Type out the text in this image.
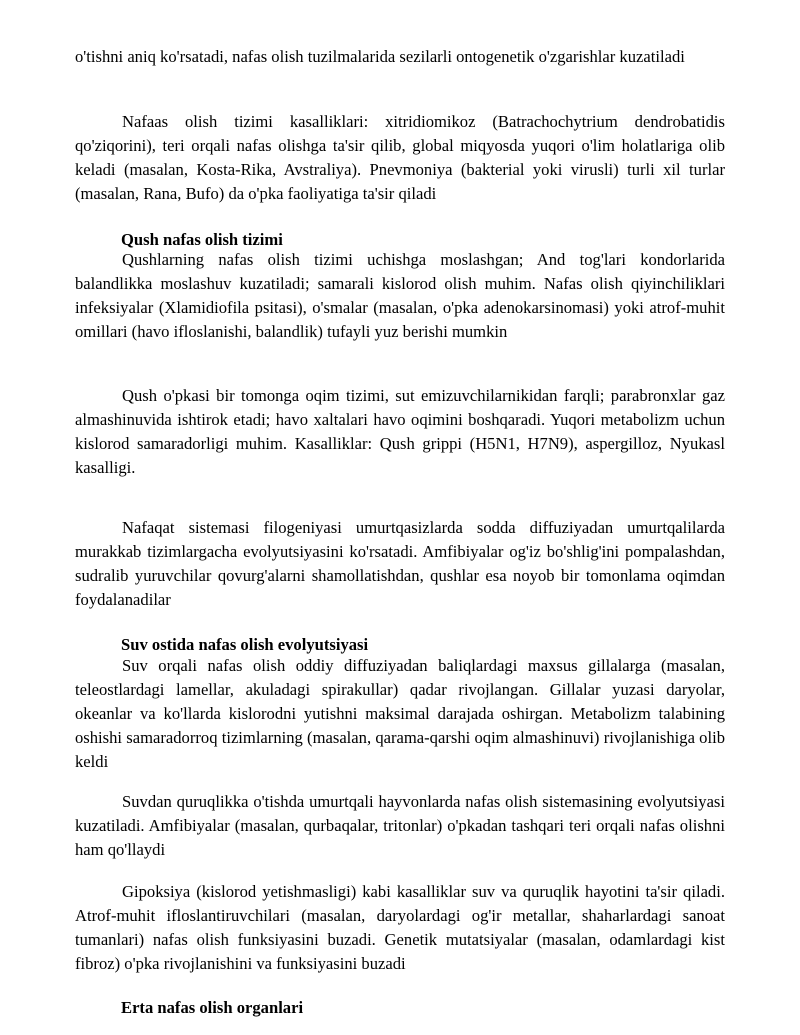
o'tishni aniq ko'rsatadi, nafas olish tuzilmalarida sezilarli ontogenetik o'zgarishlar kuzatiladi

Nafaas olish tizimi kasalliklari: xitridiomikoz (Batrachochytrium dendrobatidis qo'ziqorini), teri orqali nafas olishga ta'sir qilib, global miqyosda yuqori o'lim holatlariga olib keladi (masalan, Kosta-Rika, Avstraliya). Pnevmoniya (bakterial yoki virusli) turli xil turlar (masalan, Rana, Bufo) da o'pka faoliyatiga ta'sir qiladi

Qush nafas olish tizimi

Qushlarning nafas olish tizimi uchishga moslashgan; And tog'lari kondorlarida balandlikka moslashuv kuzatiladi; samarali kislorod olish muhim. Nafas olish qiyinchiliklari infeksiyalar (Xlamidiofila psitasi), o'smalar (masalan, o'pka adenokarsinomasi) yoki atrof-muhit omillari (havo ifloslanishi, balandlik) tufayli yuz berishi mumkin

Qush o'pkasi bir tomonga oqim tizimi, sut emizuvchilarnikidan farqli; parabronxlar gaz almashinuvida ishtirok etadi; havo xaltalari havo oqimini boshqaradi. Yuqori metabolizm uchun kislorod samaradorligi muhim. Kasalliklar: Qush grippi (H5N1, H7N9), aspergilloz, Nyukasl kasalligi.

Nafaqat sistemasi filogeniyasi umurtqasizlarda sodda diffuziyadan umurtqalilarda murakkab tizimlargacha evolyutsiyasini ko'rsatadi. Amfibiyalar og'iz bo'shlig'ini pompalashdan, sudralib yuruvchilar qovurg'alarni shamollatishdan, qushlar esa noyob bir tomonlama oqimdan foydalanadilar

Suv ostida nafas olish evolyutsiyasi

Suv orqali nafas olish oddiy diffuziyadan baliqlardagi maxsus gillalarga (masalan, teleostlardagi lamellar, akuladagi spirakullar) qadar rivojlangan. Gillalar yuzasi daryolar, okeanlar va ko'llarda kislorodni yutishni maksimal darajada oshirgan. Metabolizm talabining oshishi samaradorroq tizimlarning (masalan, qarama-qarshi oqim almashinuvi) rivojlanishiga olib keldi

Suvdan quruqlikka o'tishda umurtqali hayvonlarda nafas olish sistemasining evolyutsiyasi kuzatiladi. Amfibiyalar (masalan, qurbaqalar, tritonlar) o'pkadan tashqari teri orqali nafas olishni ham qo'llaydi

Gipoksiya (kislorod yetishmasligi) kabi kasalliklar suv va quruqlik hayotini ta'sir qiladi. Atrof-muhit ifloslantiruvchilari (masalan, daryolardagi og'ir metallar, shaharlardagi sanoat tumanlari) nafas olish funksiyasini buzadi. Genetik mutatsiyalar (masalan, odamlardagi kist fibroz) o'pka rivojlanishini va funksiyasini buzadi

Erta nafas olish organlari
